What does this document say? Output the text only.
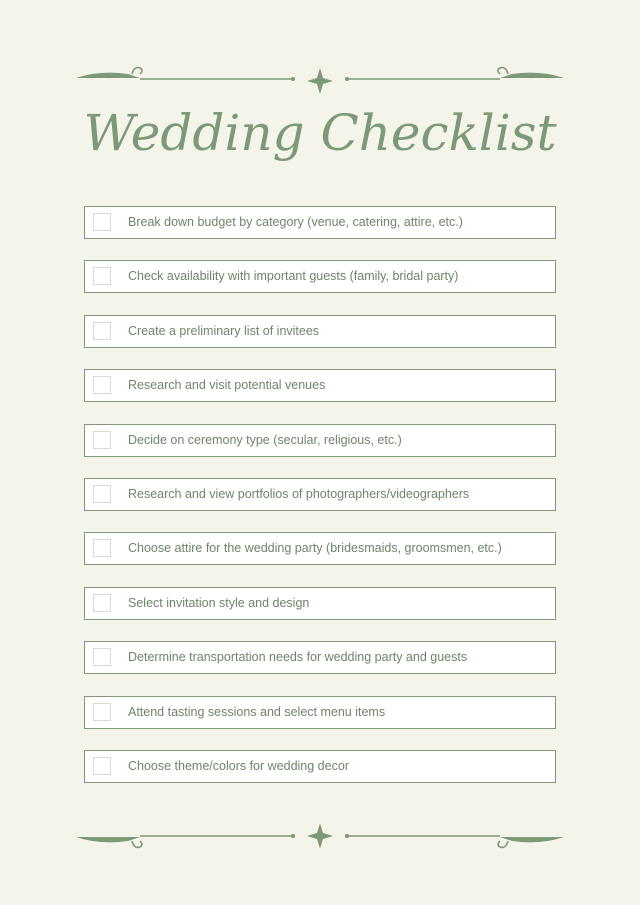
Wedding Checklist
Break down budget by category (venue, catering, attire, etc.)
Check availability with important guests (family, bridal party)
Create a preliminary list of invitees
Research and visit potential venues
Decide on ceremony type (secular, religious, etc.)
Research and view portfolios of photographers/videographers
Choose attire for the wedding party (bridesmaids, groomsmen, etc.)
Select invitation style and design
Determine transportation needs for wedding party and guests
Attend tasting sessions and select menu items
Choose theme/colors for wedding decor
